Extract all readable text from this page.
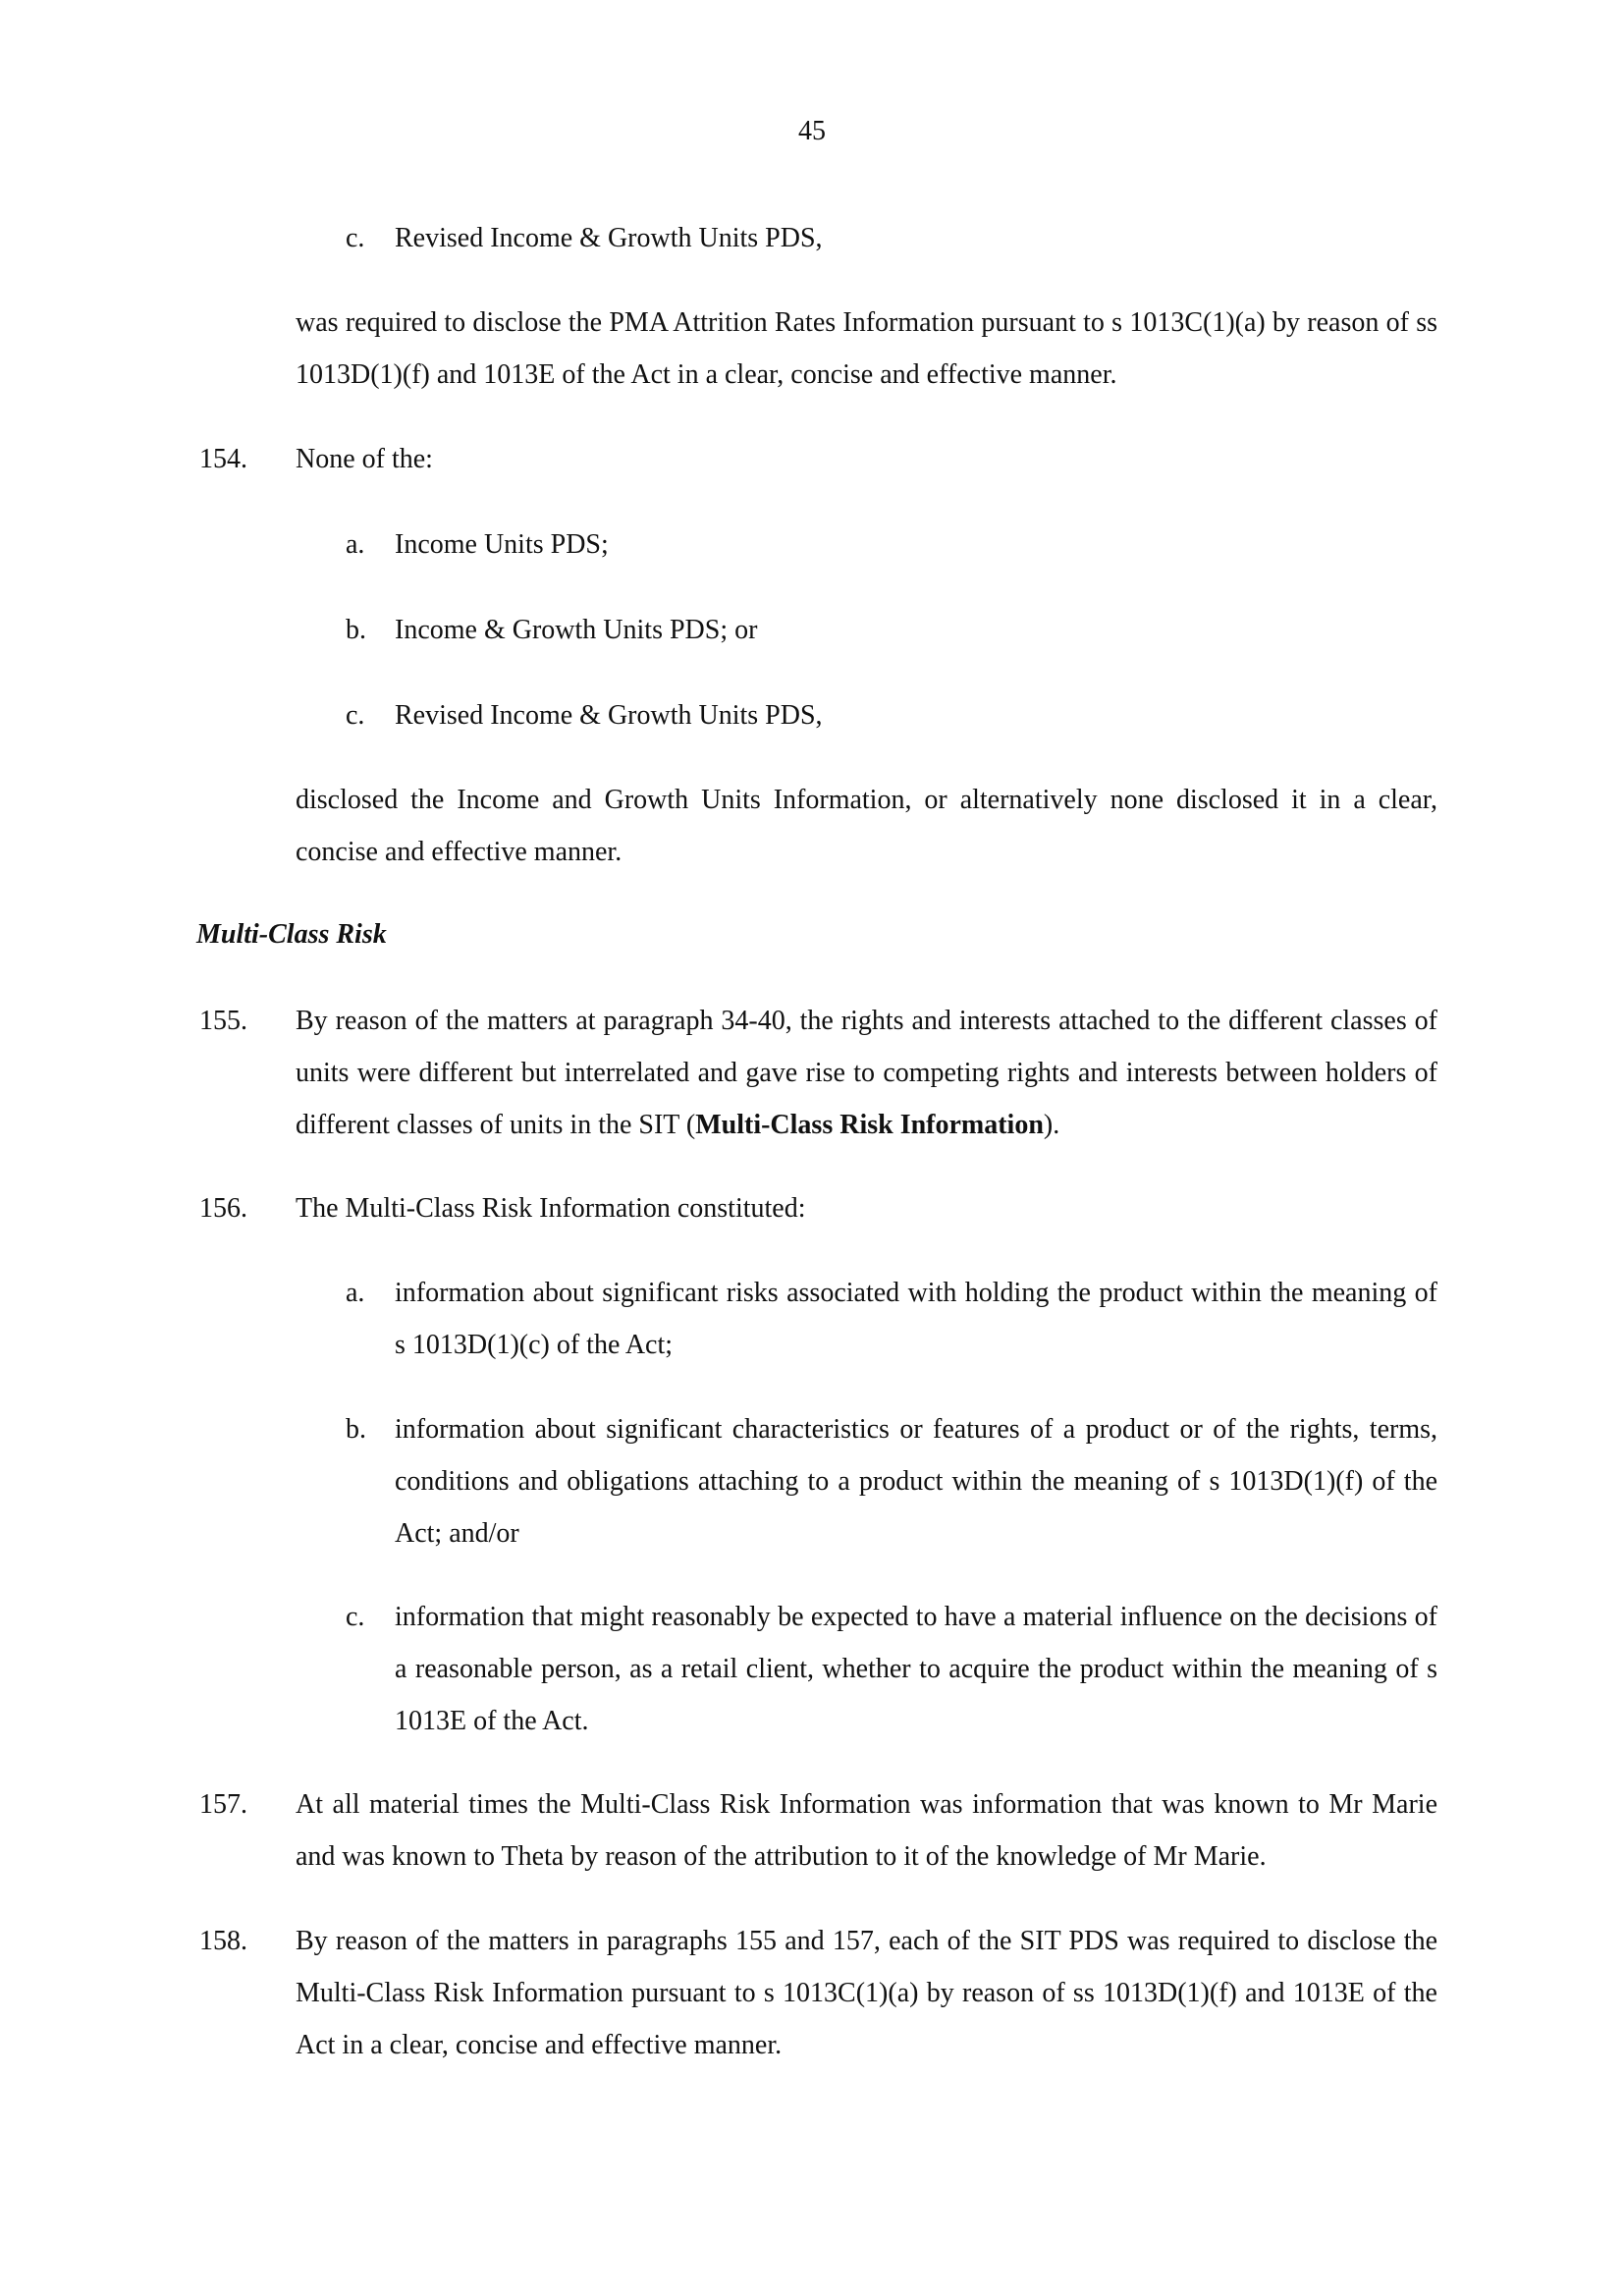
45
c. Revised Income & Growth Units PDS,
was required to disclose the PMA Attrition Rates Information pursuant to s 1013C(1)(a) by reason of ss 1013D(1)(f) and 1013E of the Act in a clear, concise and effective manner.
154. None of the:
a. Income Units PDS;
b. Income & Growth Units PDS; or
c. Revised Income & Growth Units PDS,
disclosed the Income and Growth Units Information, or alternatively none disclosed it in a clear, concise and effective manner.
Multi-Class Risk
155. By reason of the matters at paragraph 34-40, the rights and interests attached to the different classes of units were different but interrelated and gave rise to competing rights and interests between holders of different classes of units in the SIT (Multi-Class Risk Information).
156. The Multi-Class Risk Information constituted:
a. information about significant risks associated with holding the product within the meaning of s 1013D(1)(c) of the Act;
b. information about significant characteristics or features of a product or of the rights, terms, conditions and obligations attaching to a product within the meaning of s 1013D(1)(f) of the Act; and/or
c. information that might reasonably be expected to have a material influence on the decisions of a reasonable person, as a retail client, whether to acquire the product within the meaning of s 1013E of the Act.
157. At all material times the Multi-Class Risk Information was information that was known to Mr Marie and was known to Theta by reason of the attribution to it of the knowledge of Mr Marie.
158. By reason of the matters in paragraphs 155 and 157, each of the SIT PDS was required to disclose the Multi-Class Risk Information pursuant to s 1013C(1)(a) by reason of ss 1013D(1)(f) and 1013E of the Act in a clear, concise and effective manner.
